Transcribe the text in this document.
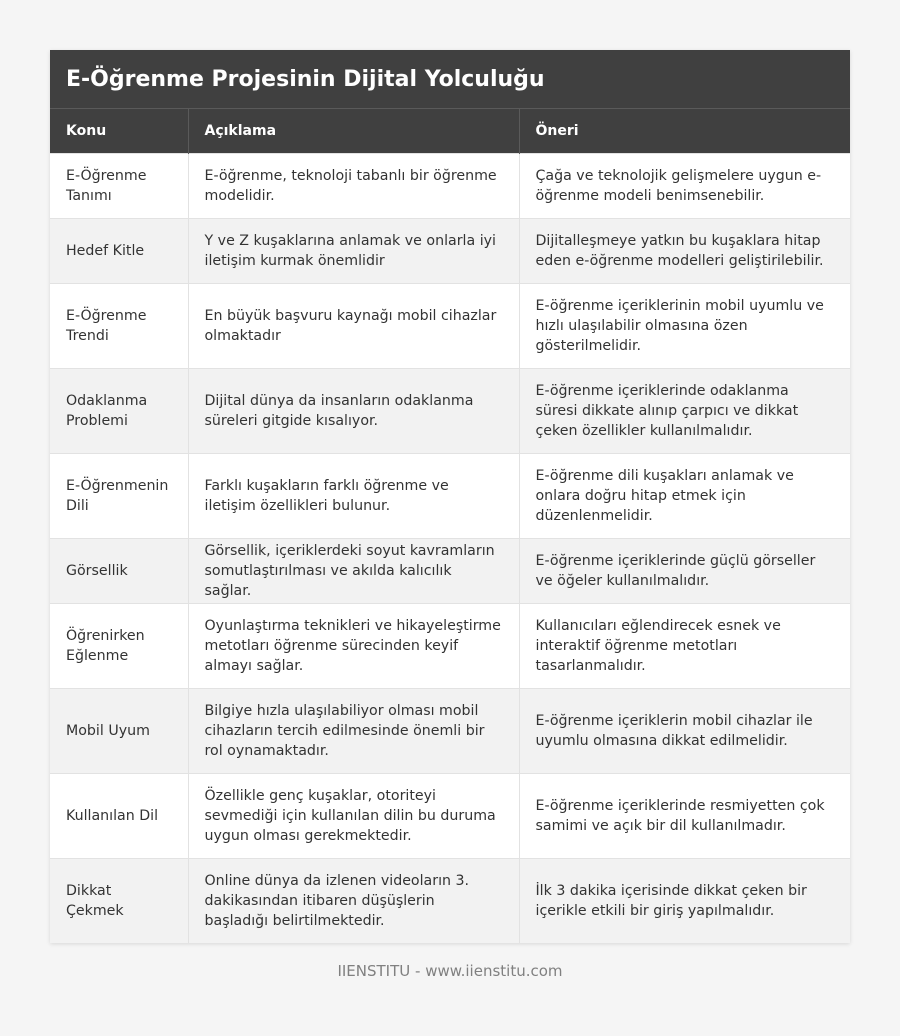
E-Öğrenme Projesinin Dijital Yolculuğu
Konu	Açıklama	Öneri
E-Öğrenme Tanımı	E-öğrenme, teknoloji tabanlı bir öğrenme modelidir.	Çağa ve teknolojik gelişmelere uygun e-öğrenme modeli benimsenebilir.
Hedef Kitle	Y ve Z kuşaklarına anlamak ve onlarla iyi iletişim kurmak önemlidir	Dijitalleşmeye yatkın bu kuşaklara hitap eden e-öğrenme modelleri geliştirilebilir.
E-Öğrenme Trendi	En büyük başvuru kaynağı mobil cihazlar olmaktadır	E-öğrenme içeriklerinin mobil uyumlu ve hızlı ulaşılabilir olmasına özen gösterilmelidir.
Odaklanma Problemi	Dijital dünya da insanların odaklanma süreleri gitgide kısalıyor.	E-öğrenme içeriklerinde odaklanma süresi dikkate alınıp çarpıcı ve dikkat çeken özellikler kullanılmalıdır.
E-Öğrenmenin Dili	Farklı kuşakların farklı öğrenme ve iletişim özellikleri bulunur.	E-öğrenme dili kuşakları anlamak ve onlara doğru hitap etmek için düzenlenmelidir.
Görsellik	Görsellik, içeriklerdeki soyut kavramların somutlaştırılması ve akılda kalıcılık sağlar.	E-öğrenme içeriklerinde güçlü görseller ve öğeler kullanılmalıdır.
Öğrenirken Eğlenme	Oyunlaştırma teknikleri ve hikayeleştirme metotları öğrenme sürecinden keyif almayı sağlar.	Kullanıcıları eğlendirecek esnek ve interaktif öğrenme metotları tasarlanmalıdır.
Mobil Uyum	Bilgiye hızla ulaşılabiliyor olması mobil cihazların tercih edilmesinde önemli bir rol oynamaktadır.	E-öğrenme içeriklerin mobil cihazlar ile uyumlu olmasına dikkat edilmelidir.
Kullanılan Dil	Özellikle genç kuşaklar, otoriteyi sevmediği için kullanılan dilin bu duruma uygun olması gerekmektedir.	E-öğrenme içeriklerinde resmiyetten çok samimi ve açık bir dil kullanılmadır.
Dikkat Çekmek	Online dünya da izlenen videoların 3. dakikasından itibaren düşüşlerin başladığı belirtilmektedir.	İlk 3 dakika içerisinde dikkat çeken bir içerikle etkili bir giriş yapılmalıdır.
IIENSTITU - www.iienstitu.com
